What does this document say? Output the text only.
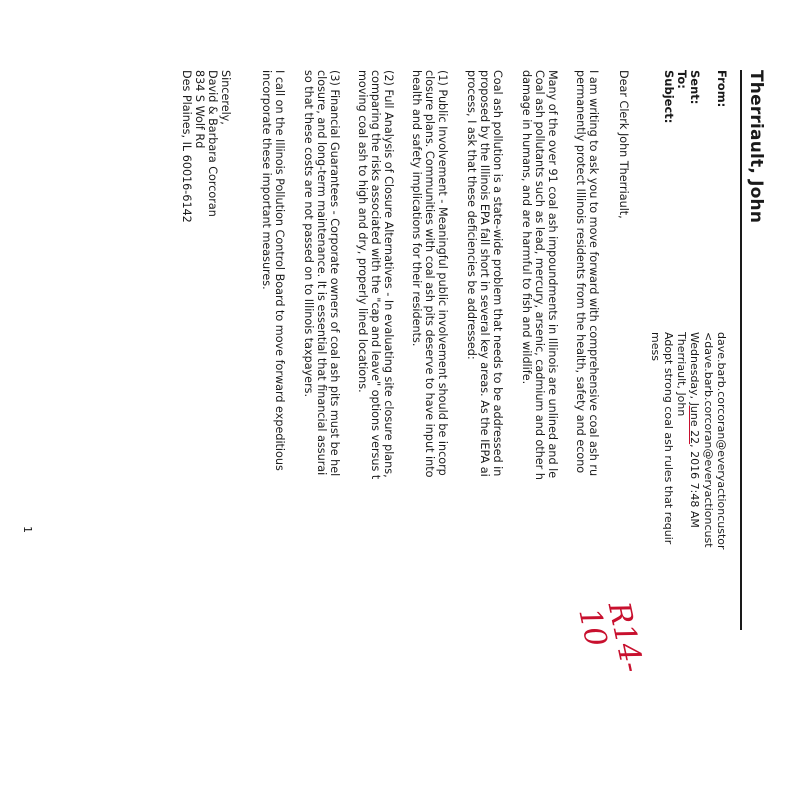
Therriault, John
From:
dave.barb.corcoran@everyactioncustor
<dave.barb.corcoran@everyactioncust
Sent:
Wednesday, June 22, 2016 7:48 AM
To:
Therriault, John
Subject:
Adopt strong coal ash rules that requir
mess
R14-10
Dear Clerk John Therriault,
I am writing to ask you to move forward with comprehensive coal ash ru
permanently protect Illinois residents from the health, safety and econo
Many of the over 91 coal ash impoundments in Illinois are unlined and le
Coal ash pollutants such as lead, mercury, arsenic, cadmium and other h
damage in humans, and are harmful to fish and wildlife.
Coal ash pollution is a state-wide problem that needs to be addressed in
proposed by the Illinois EPA fall short in several key areas. As the IEPA ai
process, I ask that these deficiencies be addressed:
(1) Public Involvement - Meaningful public involvement should be incorp
closure plans. Communities with coal ash pits deserve to have input into
health and safety implications for their residents.
(2) Full Analysis of Closure Alternatives - In evaluating site closure plans,
comparing the risks associated with the "cap and leave" options versus t
moving coal ash to high and dry, properly lined locations.
(3) Financial Guarantees - Corporate owners of coal ash pits must be hel
closure, and long-term maintenance. It is essential that financial assurai
so that these costs are not passed on to Illinois taxpayers.
I call on the Illinois Pollution Control Board to move forward expeditious
incorporate these important measures.
Sincerely,
David & Barbara Corcoran
834 S Wolf Rd
Des Plaines, IL 60016-6142
1
